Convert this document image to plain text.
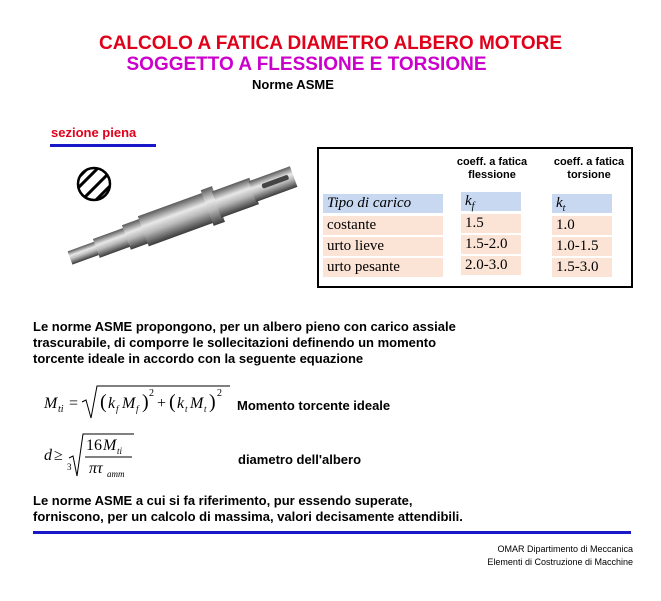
CALCOLO A FATICA DIAMETRO ALBERO MOTORE
SOGGETTO A FLESSIONE E TORSIONE
Norme ASME
sezione piena
coeff. a fatica flessione
coeff. a fatica torsione
Tipo di carico	$k_f$	$k_t$
costante	1.5	1.0
urto lieve	1.5-2.0	1.0-1.5
urto pesante	2.0-3.0	1.5-3.0
Le norme ASME propongono, per un albero pieno con carico assiale
trascurabile, di comporre le sollecitazioni definendo un momento
torcente ideale in accordo con la seguente equazione
M ti = ( k f M f ) 2
+ ( k t M t ) 2
Momento torcente ideale
d ≥
3
16 M ti
πτ amm
diametro dell'albero
Le norme ASME a cui si fa riferimento, pur essendo superate,
forniscono, per un calcolo di massima, valori decisamente attendibili.
OMAR Dipartimento di Meccanica
Elementi di Costruzione di Macchine
